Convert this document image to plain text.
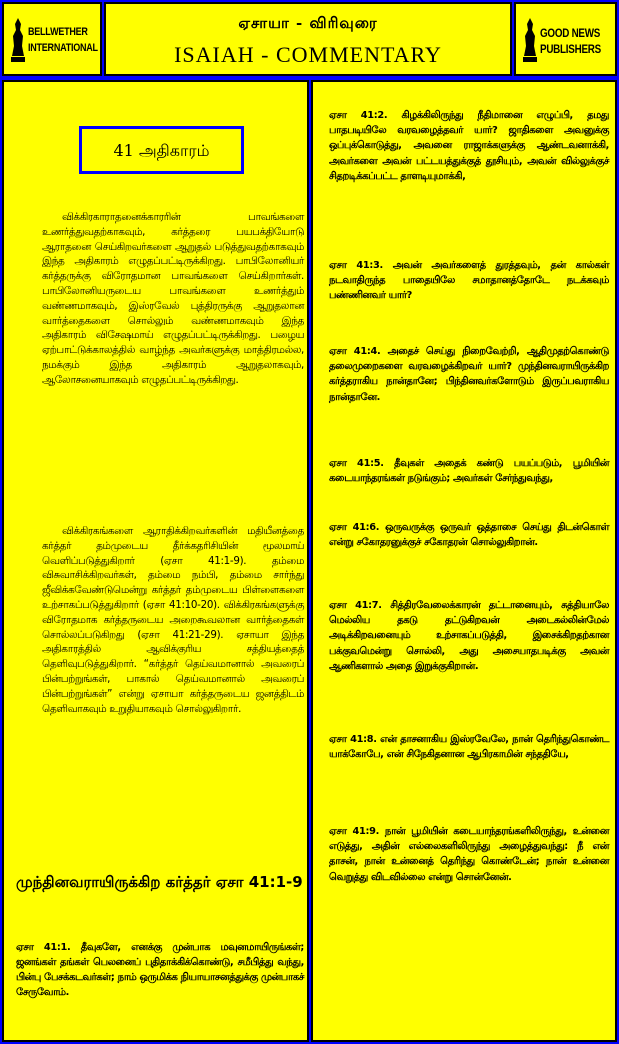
BELLWETHER
INTERNATIONAL
ஏசாயா - விரிவுரை
ISAIAH - COMMENTARY
GOOD NEWS
PUBLISHERS
41 அதிகாரம்
விக்கிரகாராதனைக்காரரின் பாவங்களை உணர்த்துவதற்காகவும், கர்த்தரை பயபக்தியோடு ஆராதனை செய்கிறவர்களை ஆறுதல் படுத்துவதற்காகவும் இந்த அதிகாரம் எழுதப்பட்டிருக்கிறது. பாபிலோனியர் கர்த்தருக்கு விரோதமான பாவங்களை செய்கிறார்கள். பாபிலோனியருடைய பாவங்களை உணர்த்தும் வண்ணமாகவும், இஸ்ரவேல் புத்திரருக்கு ஆறுதலான வார்த்தைகளை சொல்லும் வண்ணமாகவும் இந்த அதிகாரம் விசேஷமாய் எழுதப்பட்டிருக்கிறது. பழைய ஏற்பாட்டுக்காலத்தில் வாழ்ந்த அவர்களுக்கு மாத்திரமல்ல, நமக்கும் இந்த அதிகாரம் ஆறுதலாகவும், ஆலோசனையாகவும் எழுதப்பட்டிருக்கிறது.
விக்கிரகங்களை ஆராதிக்கிறவர்களின் மதியீனத்தை கர்த்தர் தம்முடைய தீர்க்கதரிசியின் மூலமாய் வெளிப்படுத்துகிறார் (ஏசா 41:1-9). தம்மை விசுவாசிக்கிறவர்கள், தம்மை நம்பி, தம்மை சார்ந்து ஜீவிக்கவேண்டுமென்று கர்த்தர் தம்முடைய பிள்ளைகளை உற்சாகப்படுத்துகிறார் (ஏசா 41:10-20). விக்கிரகங்களுக்கு விரோதமாக கர்த்தருடைய அறைகூவலான வார்த்தைகள் சொல்லப்படுகிறது (ஏசா 41:21-29). ஏசாயா இந்த அதிகாரத்தில் ஆவிக்குரிய சத்தியத்தைத் தெளிவுபடுத்துகிறார். “கர்த்தர் தெய்வமானால் அவரைப் பின்பற்றுங்கள், பாகால் தெய்வமானால் அவரைப் பின்பற்றுங்கள்” என்று ஏசாயா கர்த்தருடைய ஜனத்திடம் தெளிவாகவும் உறுதியாகவும் சொல்லுகிறார்.
முந்தினவராயிருக்கிற கர்த்தர் ஏசா 41:1-9
ஏசா 41:1. தீவுகளே, எனக்கு முன்பாக மவுனமாயிருங்கள்; ஜனங்கள் தங்கள் பெலனைப் புதிதாக்கிக்கொண்டு, சமீபித்து வந்து, பின்பு பேசக்கடவர்கள்; நாம் ஒருமிக்க நியாயாசனத்துக்கு முன்பாகச் சேருவோம்.
ஏசா 41:2. கிழக்கிலிருந்து நீதிமானை எழுப்பி, தமது பாதபடியிலே வரவழைத்தவர் யார்? ஜாதிகளை அவனுக்கு ஒப்புக்கொடுத்து, அவனை ராஜாக்களுக்கு ஆண்டவனாக்கி, அவர்களை அவன் பட்டயத்துக்குத் தூசியும், அவன் வில்லுக்குச் சிதறடிக்கப்பட்ட தாளடியுமாக்கி,
ஏசா 41:3. அவன் அவர்களைத் துரத்தவும், தன் கால்கள் நடவாதிருந்த பாதையிலே சமாதானத்தோடே நடக்கவும் பண்ணினவர் யார்?
ஏசா 41:4. அதைச் செய்து நிறைவேற்றி, ஆதிமுதற்கொண்டு தலைமுறைகளை வரவழைக்கிறவர் யார்? முந்தினவராயிருக்கிற கர்த்தராகிய நான்தானே; பிந்தினவர்களோடும் இருப்பவராகிய நான்தானே.
ஏசா 41:5. தீவுகள் அதைக் கண்டு பயப்படும், பூமியின் கடையாந்தரங்கள் நடுங்கும்; அவர்கள் சேர்ந்துவந்து,
ஏசா 41:6. ஒருவருக்கு ஒருவர் ஒத்தாசை செய்து திடன்கொள் என்று சகோதரனுக்குச் சகோதரன் சொல்லுகிறான்.
ஏசா 41:7. சித்திரவேலைக்காரன் தட்டானையும், சுத்தியாலே மெல்லிய தகடு தட்டுகிறவன் அடைகல்லின்மேல் அடிக்கிறவனையும் உற்சாகப்படுத்தி, இசைக்கிறதற்கான பக்குவமென்று சொல்லி, அது அசையாதபடிக்கு அவன் ஆணிகளால் அதை இறுக்குகிறான்.
ஏசா 41:8. என் தாசனாகிய இஸ்ரவேலே, நான் தெரிந்துகொண்ட யாக்கோபே, என் சிநேகிதனான ஆபிரகாமின் சந்ததியே,
ஏசா 41:9. நான் பூமியின் கடையாந்தரங்களிலிருந்து, உன்னை எடுத்து, அதின் எல்லைகளிலிருந்து அழைத்துவந்து: நீ என் தாசன், நான் உன்னைத் தெரிந்து கொண்டேன்; நான் உன்னை வெறுத்து விடவில்லை என்று சொன்னேன்.
